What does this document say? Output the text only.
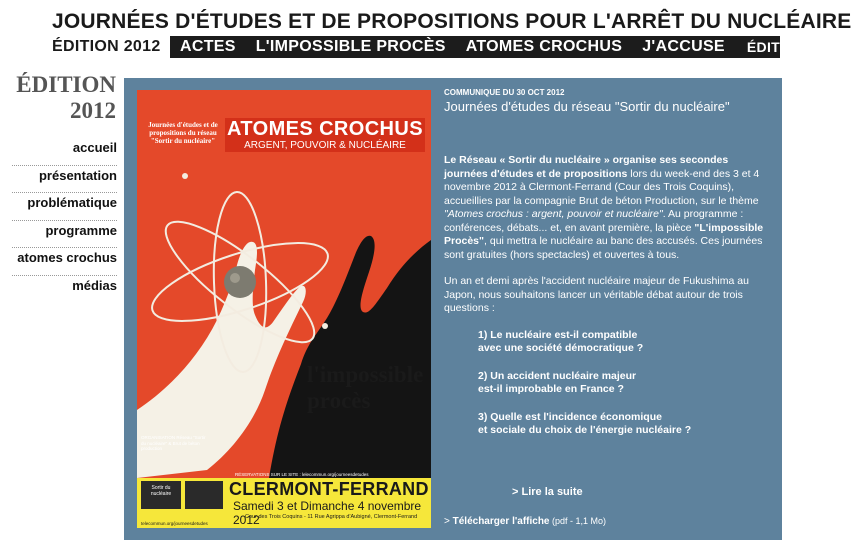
JOURNÉES D'ÉTUDES ET DE PROPOSITIONS POUR L'ARRÊT DU NUCLÉAIRE
ÉDITION 2012 ACTES L'IMPOSSIBLE PROCÈS ATOMES CROCHUS J'ACCUSE ÉDITION 2011
ÉDITION
2012
accueil
présentation
problématique
programme
atomes crochus
médias
Journées d'études et de propositions du réseau "Sortir du nucléaire"
ATOMES CROCHUS
ARGENT, POUVOIR & NUCLÉAIRE
l'impossible
procès
ORGANISATION Réseau "Sortir du nucléaire" & Brut de béton production
RÉSERVATIONS SUR LE SITE : lelecommun.org/journeesdetudes
Sortir du nucléaire	CLERMONT-FERRAND
Samedi 3 et Dimanche 4 novembre 2012
Cour des Trois Coquins - 11 Rue Agrippa d'Aubigné, Clermont-Ferrand
telecommun.org/journeesdetudes
COMMUNIQUE DU 30 OCT 2012
Journées d'études du réseau "Sortir du nucléaire"

Le Réseau « Sortir du nucléaire » organise ses secondes journées d'études et de propositions lors du week-end des 3 et 4 novembre 2012 à Clermont-Ferrand (Cour des Trois Coquins), accueillies par la compagnie Brut de béton Production, sur le thème "Atomes crochus : argent, pouvoir et nucléaire". Au programme : conférences, débats... et, en avant première, la pièce "L'impossible Procès", qui mettra le nucléaire au banc des accusés. Ces journées sont gratuites (hors spectacles) et ouvertes à tous.

Un an et demi après l'accident nucléaire majeur de Fukushima au Japon, nous souhaitons lancer un véritable débat autour de trois questions :

1) Le nucléaire est-il compatible
avec une société démocratique ?
2) Un accident nucléaire majeur
est-il improbable en France ?
3) Quelle est l'incidence économique
et sociale du choix de l'énergie nucléaire ?
> Lire la suite
> Télécharger l'affiche (pdf - 1,1 Mo)
